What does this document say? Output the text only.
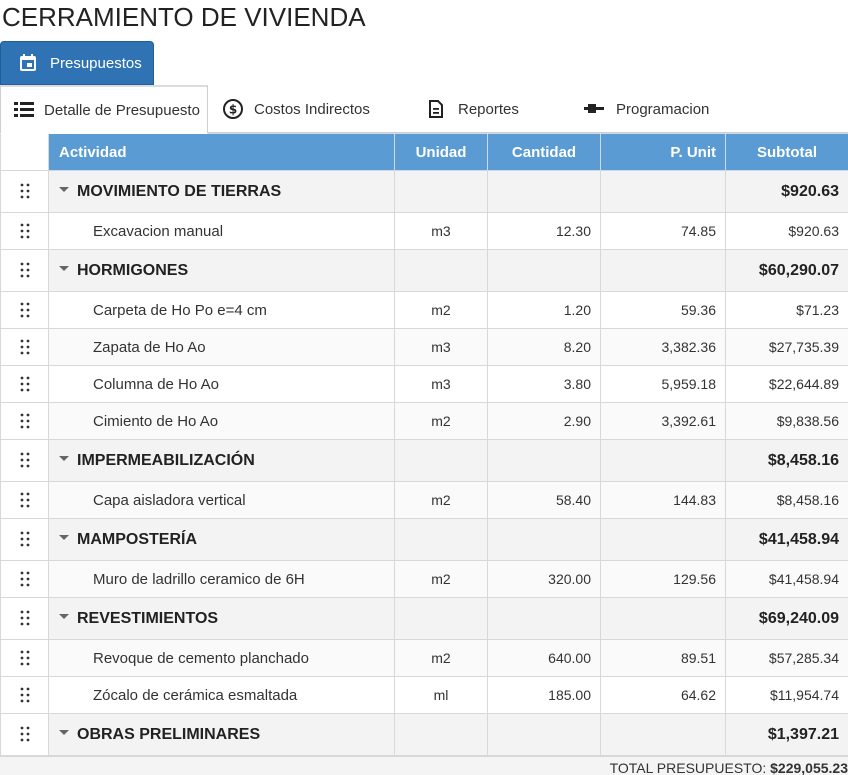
CERRAMIENTO DE VIVIENDA
Presupuestos
Detalle de Presupuesto $ Costos Indirectos	Reportes	Programacion
	Actividad	Unidad	Cantidad	P. Unit	Subtotal
	MOVIMIENTO DE TIERRAS				$920.63
	Excavacion manual	m3	12.30	74.85	$920.63
	HORMIGONES				$60,290.07
	Carpeta de Ho Po e=4 cm	m2	1.20	59.36	$71.23
	Zapata de Ho Ao	m3	8.20	3,382.36	$27,735.39
	Columna de Ho Ao	m3	3.80	5,959.18	$22,644.89
	Cimiento de Ho Ao	m2	2.90	3,392.61	$9,838.56
	IMPERMEABILIZACIÓN				$8,458.16
	Capa aisladora vertical	m2	58.40	144.83	$8,458.16
	MAMPOSTERÍA				$41,458.94
	Muro de ladrillo ceramico de 6H	m2	320.00	129.56	$41,458.94
	REVESTIMIENTOS				$69,240.09
	Revoque de cemento planchado	m2	640.00	89.51	$57,285.34
	Zócalo de cerámica esmaltada	ml	185.00	64.62	$11,954.74
	OBRAS PRELIMINARES				$1,397.21
TOTAL PRESUPUESTO: $229,055.23
